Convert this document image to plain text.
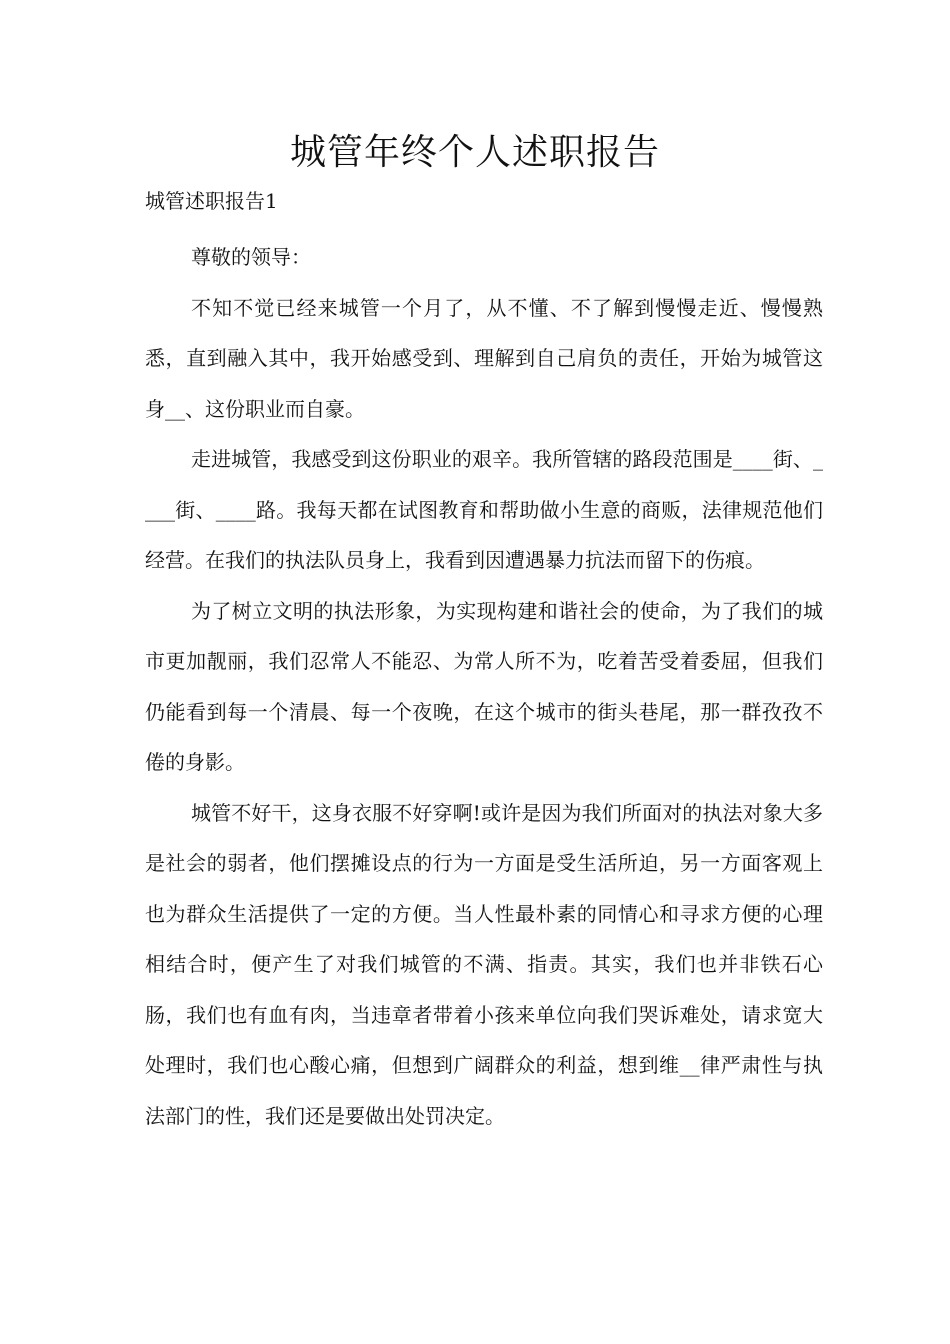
城管年终个人述职报告

城管述职报告1

尊敬的领导：

不知不觉已经来城管一个月了，从不懂、不了解到慢慢走近、慢慢熟悉，直到融入其中，我开始感受到、理解到自己肩负的责任，开始为城管这身__、这份职业而自豪。

走进城管，我感受到这份职业的艰辛。我所管辖的路段范围是____街、____街、____路。我每天都在试图教育和帮助做小生意的商贩，法律规范他们经营。在我们的执法队员身上，我看到因遭遇暴力抗法而留下的伤痕。

为了树立文明的执法形象，为实现构建和谐社会的使命，为了我们的城市更加靓丽，我们忍常人不能忍、为常人所不为，吃着苦受着委屈，但我们仍能看到每一个清晨、每一个夜晚，在这个城市的街头巷尾，那一群孜孜不倦的身影。

城管不好干，这身衣服不好穿啊!或许是因为我们所面对的执法对象大多是社会的弱者，他们摆摊设点的行为一方面是受生活所迫，另一方面客观上也为群众生活提供了一定的方便。当人性最朴素的同情心和寻求方便的心理相结合时，便产生了对我们城管的不满、指责。其实，我们也并非铁石心肠，我们也有血有肉，当违章者带着小孩来单位向我们哭诉难处，请求宽大处理时，我们也心酸心痛，但想到广阔群众的利益，想到维__律严肃性与执法部门的性，我们还是要做出处罚决定。
